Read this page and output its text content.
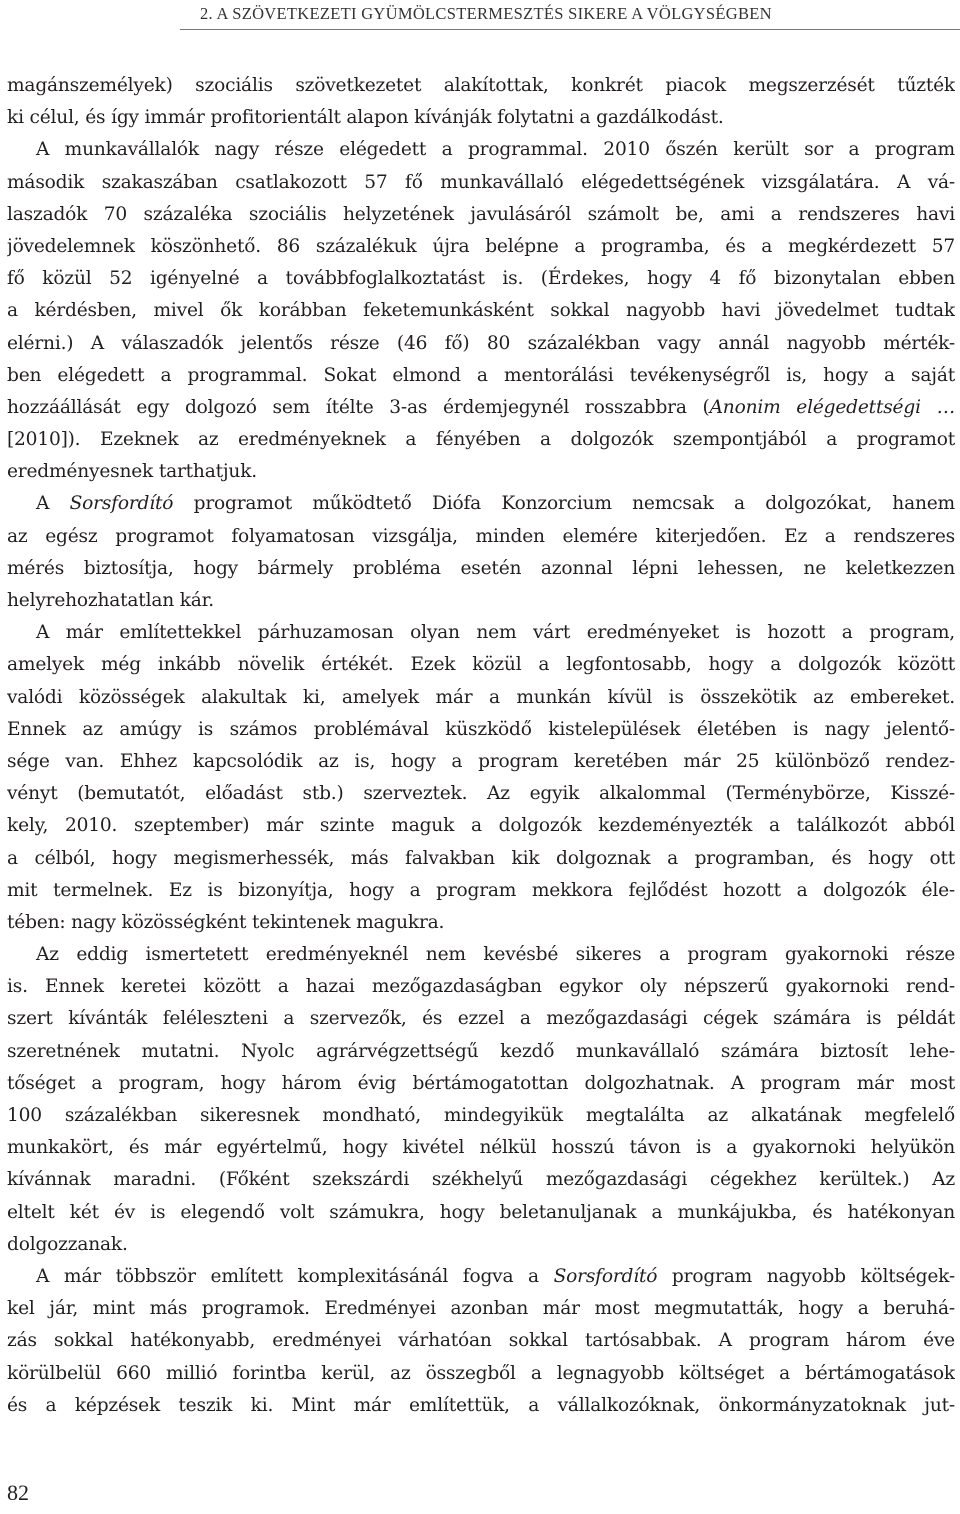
2. A SZÖVETKEZETI GYÜMÖLCSTERMESZTÉS SIKERE A VÖLGYSÉGBEN
magánszemélyek) szociális szövetkezetet alakítottak, konkrét piacok megszerzését tűzték
ki célul, és így immár profitorientált alapon kívánják folytatni a gazdálkodást.
A munkavállalók nagy része elégedett a programmal. 2010 őszén került sor a program
második szakaszában csatlakozott 57 fő munkavállaló elégedettségének vizsgálatára. A vá-
laszadók 70 százaléka szociális helyzetének javulásáról számolt be, ami a rendszeres havi
jövedelemnek köszönhető. 86 százalékuk újra belépne a programba, és a megkérdezett 57
fő közül 52 igényelné a továbbfoglalkoztatást is. (Érdekes, hogy 4 fő bizonytalan ebben
a kérdésben, mivel ők korábban feketemunkásként sokkal nagyobb havi jövedelmet tudtak
elérni.) A válaszadók jelentős része (46 fő) 80 százalékban vagy annál nagyobb mérték-
ben elégedett a programmal. Sokat elmond a mentorálási tevékenységről is, hogy a saját
hozzáállását egy dolgozó sem ítélte 3-as érdemjegynél rosszabbra (Anonim elégedettségi …
[2010]). Ezeknek az eredményeknek a fényében a dolgozók szempontjából a programot
eredményesnek tarthatjuk.
A Sorsfordító programot működtető Diófa Konzorcium nemcsak a dolgozókat, hanem
az egész programot folyamatosan vizsgálja, minden elemére kiterjedően. Ez a rendszeres
mérés biztosítja, hogy bármely probléma esetén azonnal lépni lehessen, ne keletkezzen
helyrehozhatatlan kár.
A már említettekkel párhuzamosan olyan nem várt eredményeket is hozott a program,
amelyek még inkább növelik értékét. Ezek közül a legfontosabb, hogy a dolgozók között
valódi közösségek alakultak ki, amelyek már a munkán kívül is összekötik az embereket.
Ennek az amúgy is számos problémával küszködő kistelepülések életében is nagy jelentő-
sége van. Ehhez kapcsolódik az is, hogy a program keretében már 25 különböző rendez-
vényt (bemutatót, előadást stb.) szerveztek. Az egyik alkalommal (Terménybörze, Kisszé-
kely, 2010. szeptember) már szinte maguk a dolgozók kezdeményezték a találkozót abból
a célból, hogy megismerhessék, más falvakban kik dolgoznak a programban, és hogy ott
mit termelnek. Ez is bizonyítja, hogy a program mekkora fejlődést hozott a dolgozók éle-
tében: nagy közösségként tekintenek magukra.
Az eddig ismertetett eredményeknél nem kevésbé sikeres a program gyakornoki része
is. Ennek keretei között a hazai mezőgazdaságban egykor oly népszerű gyakornoki rend-
szert kívánták feléleszteni a szervezők, és ezzel a mezőgazdasági cégek számára is példát
szeretnének mutatni. Nyolc agrárvégzettségű kezdő munkavállaló számára biztosít lehe-
tőséget a program, hogy három évig bértámogatottan dolgozhatnak. A program már most
100 százalékban sikeresnek mondható, mindegyikük megtalálta az alkatának megfelelő
munkakört, és már egyértelmű, hogy kivétel nélkül hosszú távon is a gyakornoki helyükön
kívánnak maradni. (Főként szekszárdi székhelyű mezőgazdasági cégekhez kerültek.) Az
eltelt két év is elegendő volt számukra, hogy beletanuljanak a munkájukba, és hatékonyan
dolgozzanak.
A már többször említett komplexitásánál fogva a Sorsfordító program nagyobb költségek-
kel jár, mint más programok. Eredményei azonban már most megmutatták, hogy a beruhá-
zás sokkal hatékonyabb, eredményei várhatóan sokkal tartósabbak. A program három éve
körülbelül 660 millió forintba kerül, az összegből a legnagyobb költséget a bértámogatások
és a képzések teszik ki. Mint már említettük, a vállalkozóknak, önkormányzatoknak jut-
82
